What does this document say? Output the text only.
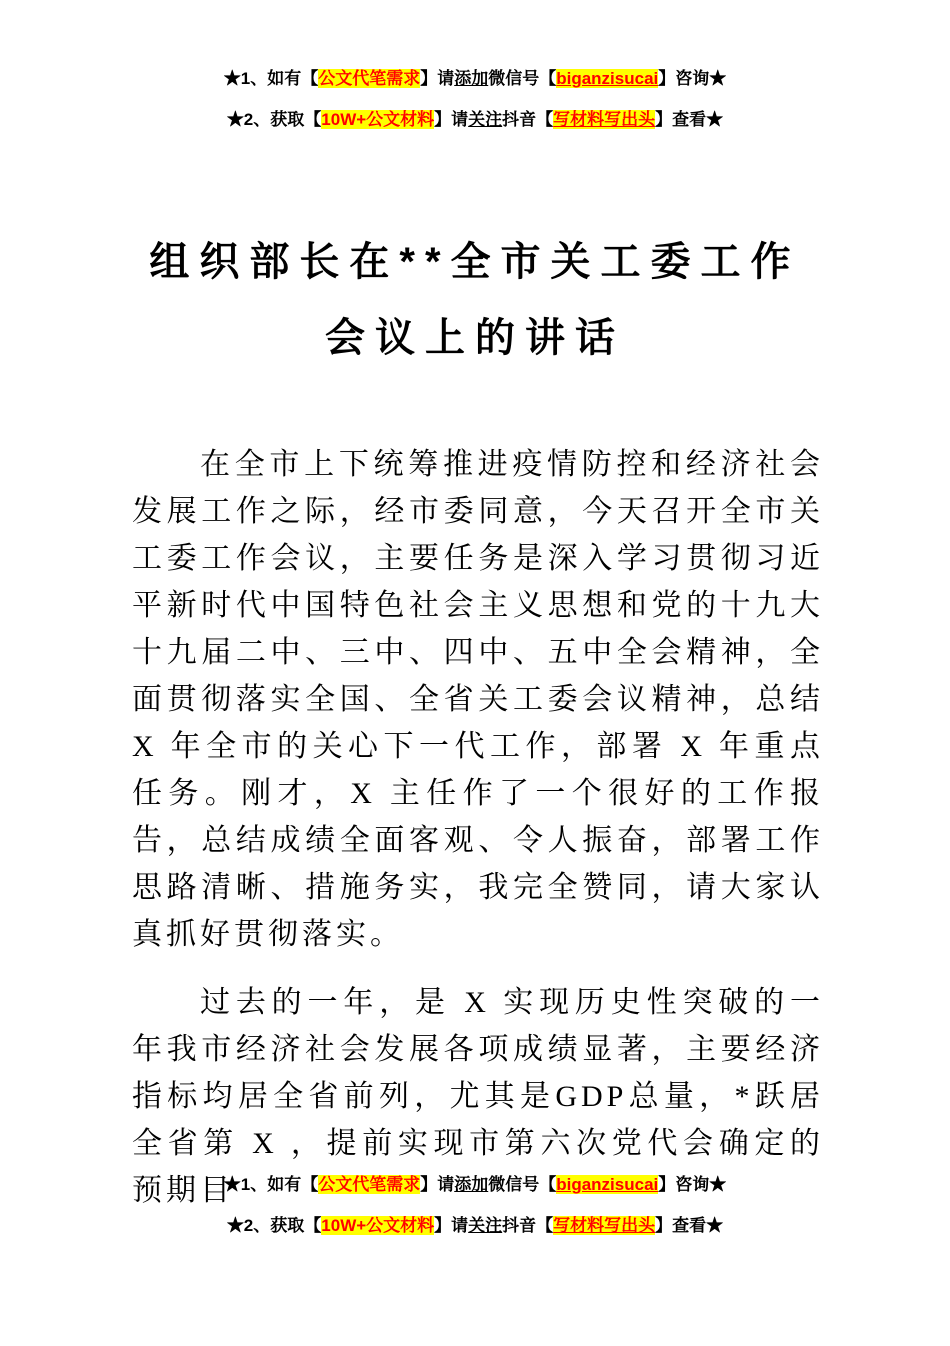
★1、如有【公文代笔需求】请添加微信号【biganzisucai】咨询★
★2、获取【10W+公文材料】请关注抖音【写材料写出头】查看★
组织部长在**全市关工委工作
会议上的讲话

在全市上下统筹推进疫情防控和经济社会发展工作之际，经市委同意，今天召开全市关工委工作会议，主要任务是深入学习贯彻习近平新时代中国特色社会主义思想和党的十九大十九届二中、三中、四中、五中全会精神，全面贯彻落实全国、全省关工委会议精神，总结 X 年全市的关心下一代工作，部署 X 年重点任务。刚才，X 主任作了一个很好的工作报告，总结成绩全面客观、令人振奋，部署工作思路清晰、措施务实，我完全赞同，请大家认真抓好贯彻落实。

过去的一年，是 X 实现历史性突破的一年我市经济社会发展各项成绩显著，主要经济指标均居全省前列，尤其是GDP总量，*跃居全省第 X ，提前实现市第六次党代会确定的预期目

★1、如有【公文代笔需求】请添加微信号【biganzisucai】咨询★
★2、获取【10W+公文材料】请关注抖音【写材料写出头】查看★
